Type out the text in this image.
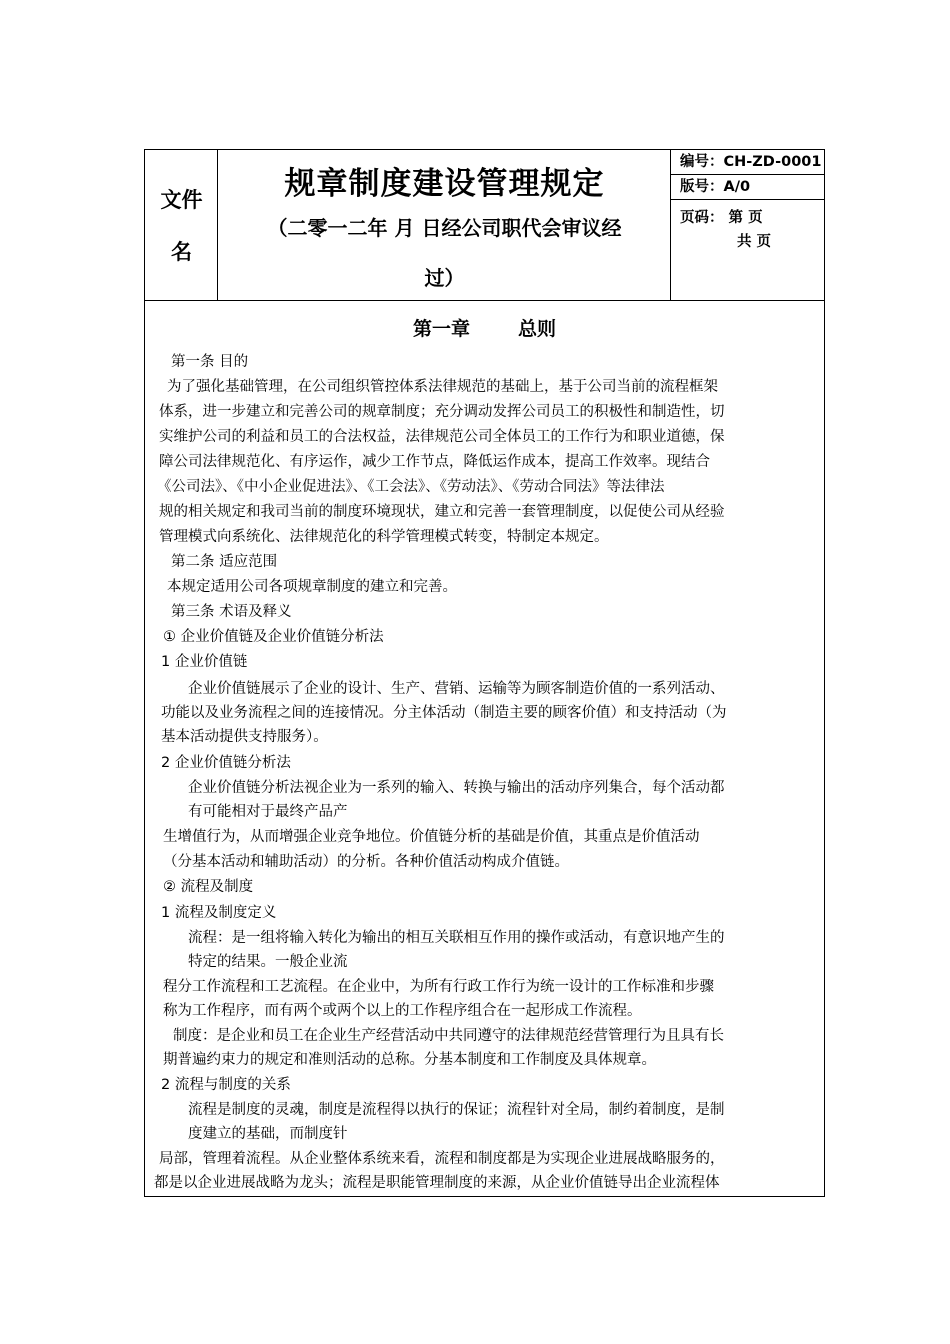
文件
名
规章制度建设管理规定
（二零一二年 月 日经公司职代会审议经
过）
编号：CH-ZD-0001
版号：A/0
页码： 第 页
共 页
第一章	总则
第一条 目的
为了强化基础管理，在公司组织管控体系法律规范的基础上，基于公司当前的流程框架
体系，进一步建立和完善公司的规章制度；充分调动发挥公司员工的积极性和制造性，切
实维护公司的利益和员工的合法权益，法律规范公司全体员工的工作行为和职业道德，保
障公司法律规范化、有序运作，减少工作节点，降低运作成本，提高工作效率。现结合
《公司法》、《中小企业促进法》、《工会法》、《劳动法》、《劳动合同法》等法律法
规的相关规定和我司当前的制度环境现状，建立和完善一套管理制度，以促使公司从经验
管理模式向系统化、法律规范化的科学管理模式转变，特制定本规定。
第二条 适应范围
本规定适用公司各项规章制度的建立和完善。
第三条 术语及释义
① 企业价值链及企业价值链分析法
1 企业价值链
企业价值链展示了企业的设计、生产、营销、运输等为顾客制造价值的一系列活动、
功能以及业务流程之间的连接情况。分主体活动（制造主要的顾客价值）和支持活动（为
基本活动提供支持服务）。
2 企业价值链分析法
企业价值链分析法视企业为一系列的输入、转换与输出的活动序列集合，每个活动都
有可能相对于最终产品产
生增值行为，从而增强企业竞争地位。价值链分析的基础是价值，其重点是价值活动
（分基本活动和辅助活动）的分析。各种价值活动构成介值链。
② 流程及制度
1 流程及制度定义
流程：是一组将输入转化为输出的相互关联相互作用的操作或活动，有意识地产生的
特定的结果。一般企业流
程分工作流程和工艺流程。在企业中，为所有行政工作行为统一设计的工作标准和步骤
称为工作程序，而有两个或两个以上的工作程序组合在一起形成工作流程。
制度：是企业和员工在企业生产经营活动中共同遵守的法律规范经营管理行为且具有长
期普遍约束力的规定和准则活动的总称。分基本制度和工作制度及具体规章。
2 流程与制度的关系
流程是制度的灵魂，制度是流程得以执行的保证；流程针对全局，制约着制度，是制
度建立的基础，而制度针
局部，管理着流程。从企业整体系统来看，流程和制度都是为实现企业进展战略服务的，
都是以企业进展战略为龙头；流程是职能管理制度的来源，从企业价值链导出企业流程体
